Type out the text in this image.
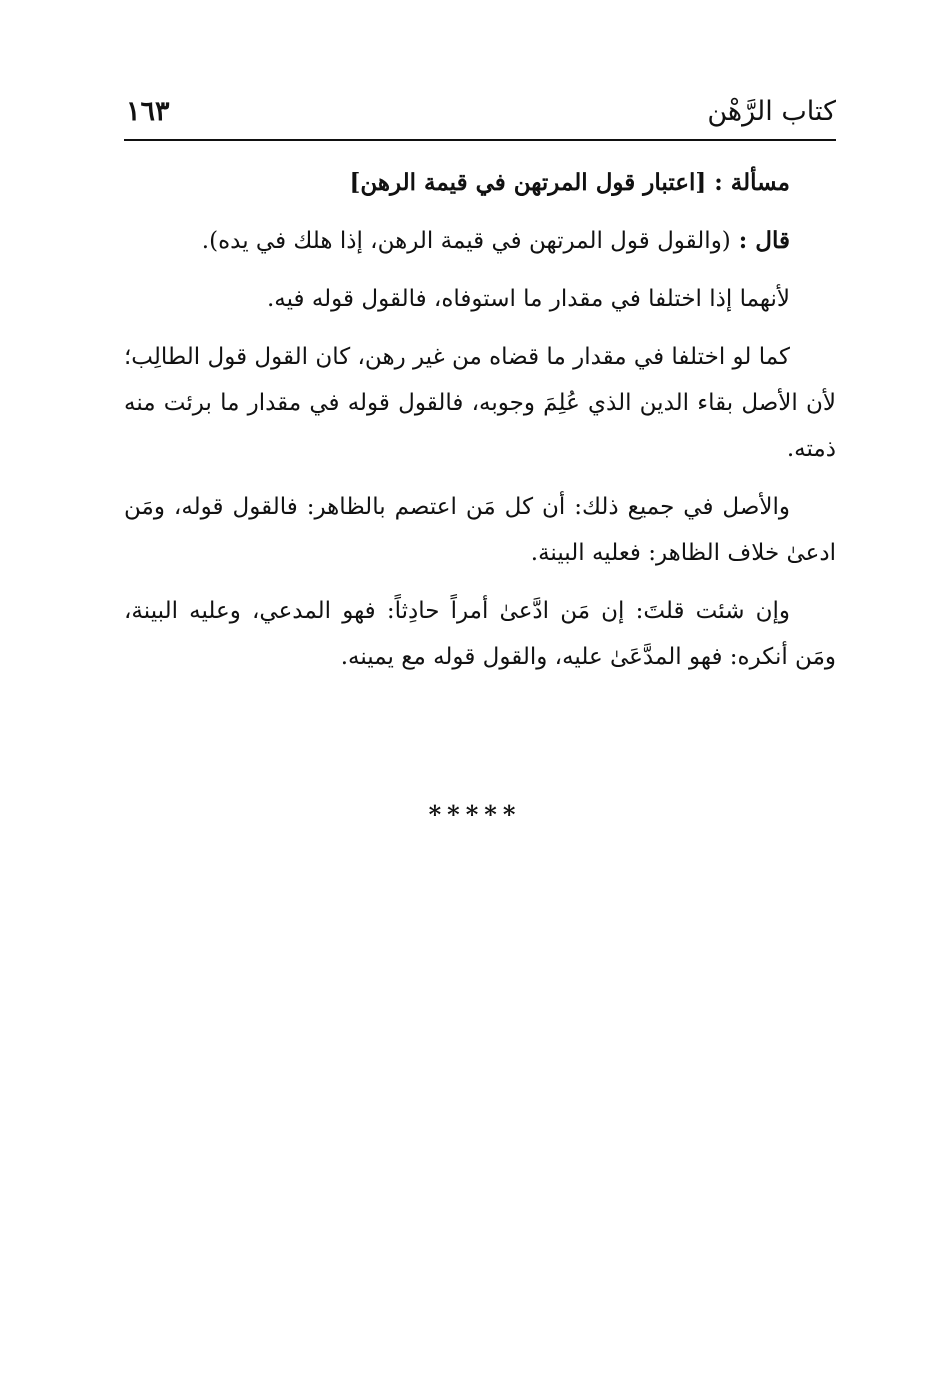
كتاب الرَّهْن
١٦٣

مسألة : [اعتبار قول المرتهن في قيمة الرهن]

قال : (والقول قول المرتهن في قيمة الرهن، إذا هلك في يده).

لأنهما إذا اختلفا في مقدار ما استوفاه، فالقول قوله فيه.

كما لو اختلفا في مقدار ما قضاه من غير رهن، كان القول قول الطالِب؛ لأن الأصل بقاء الدين الذي عُلِمَ وجوبه، فالقول قوله في مقدار ما برئت منه ذمته.

والأصل في جميع ذلك: أن كل مَن اعتصم بالظاهر: فالقول قوله، ومَن ادعىٰ خلاف الظاهر: فعليه البينة.

وإن شئت قلتَ: إن مَن ادَّعىٰ أمراً حادِثاً: فهو المدعي، وعليه البينة، ومَن أنكره: فهو المدَّعَىٰ عليه، والقول قوله مع يمينه.

*****
